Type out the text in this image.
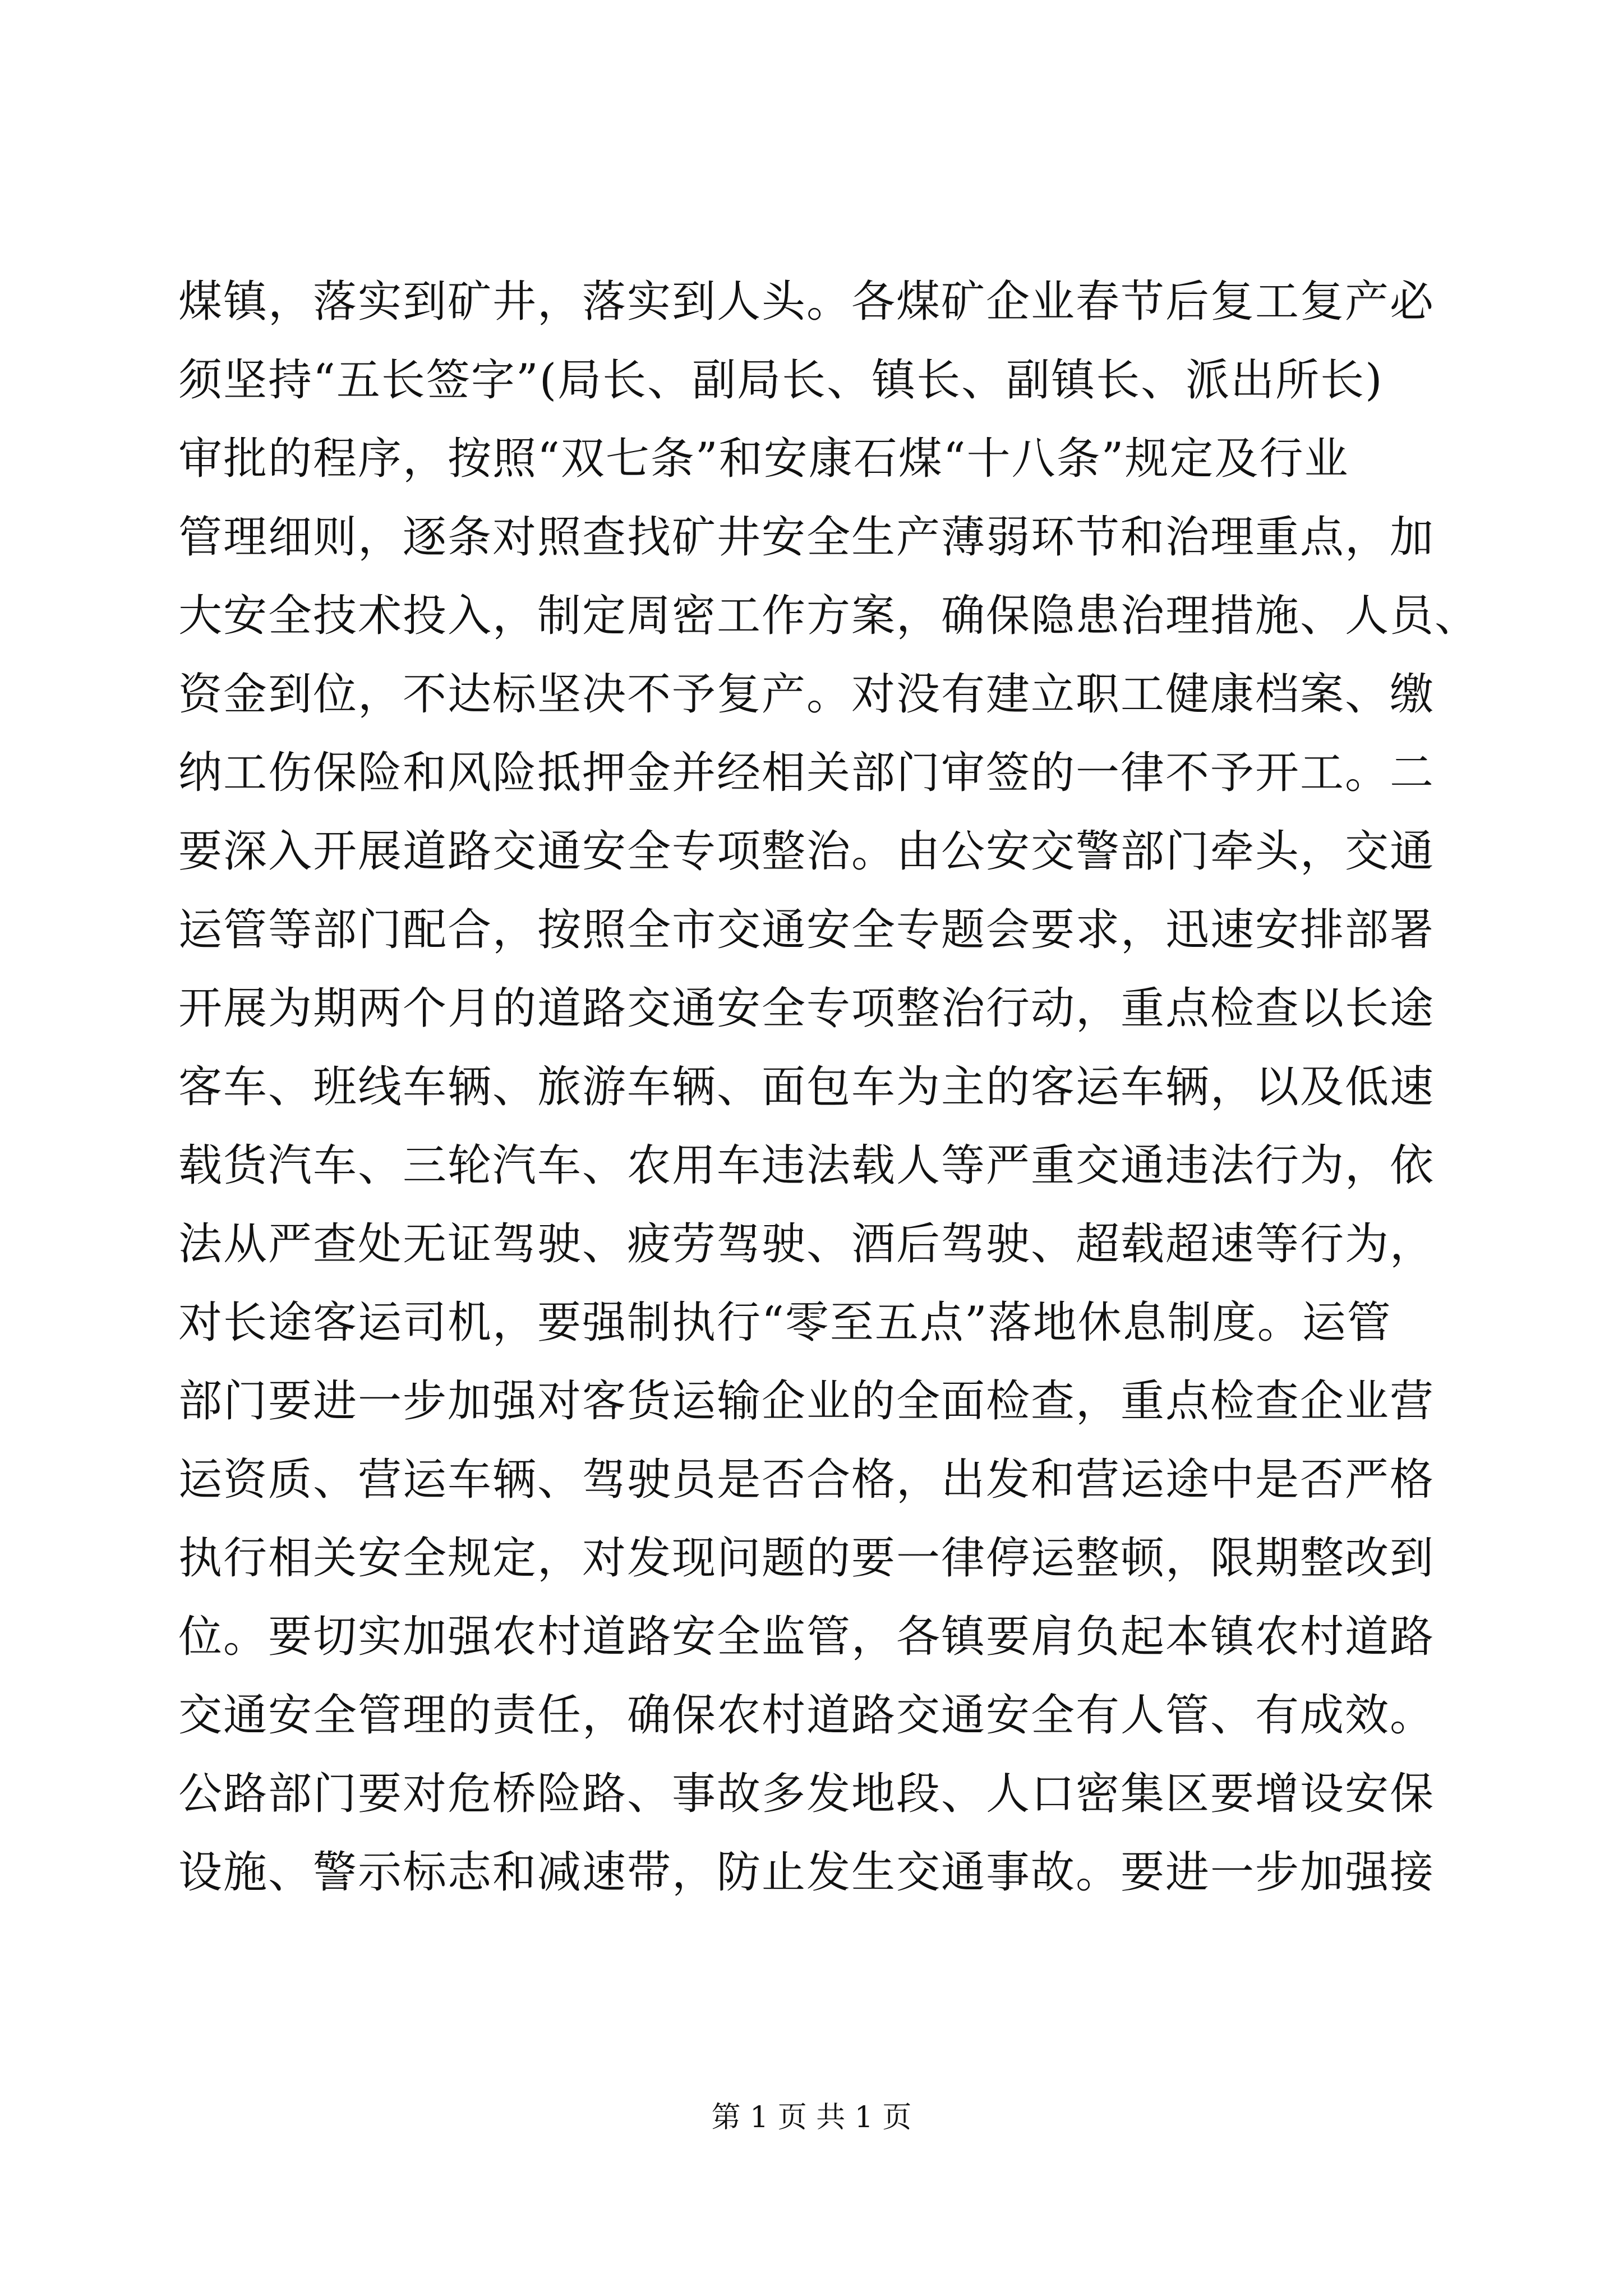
煤镇，落实到矿井，落实到人头。各煤矿企业春节后复工复产必
须坚持“五长签字”(局长、副局长、镇长、副镇长、派出所长)
审批的程序，按照“双七条”和安康石煤“十八条”规定及行业
管理细则，逐条对照查找矿井安全生产薄弱环节和治理重点，加
大安全技术投入，制定周密工作方案，确保隐患治理措施、人员、
资金到位，不达标坚决不予复产。对没有建立职工健康档案、缴
纳工伤保险和风险抵押金并经相关部门审签的一律不予开工。二
要深入开展道路交通安全专项整治。由公安交警部门牵头，交通
运管等部门配合，按照全市交通安全专题会要求，迅速安排部署
开展为期两个月的道路交通安全专项整治行动，重点检查以长途
客车、班线车辆、旅游车辆、面包车为主的客运车辆，以及低速
载货汽车、三轮汽车、农用车违法载人等严重交通违法行为，依
法从严查处无证驾驶、疲劳驾驶、酒后驾驶、超载超速等行为，
对长途客运司机，要强制执行“零至五点”落地休息制度。运管
部门要进一步加强对客货运输企业的全面检查，重点检查企业营
运资质、营运车辆、驾驶员是否合格，出发和营运途中是否严格
执行相关安全规定，对发现问题的要一律停运整顿，限期整改到
位。要切实加强农村道路安全监管，各镇要肩负起本镇农村道路
交通安全管理的责任，确保农村道路交通安全有人管、有成效。
公路部门要对危桥险路、事故多发地段、人口密集区要增设安保
设施、警示标志和减速带，防止发生交通事故。要进一步加强接
第 1 页 共 1 页
